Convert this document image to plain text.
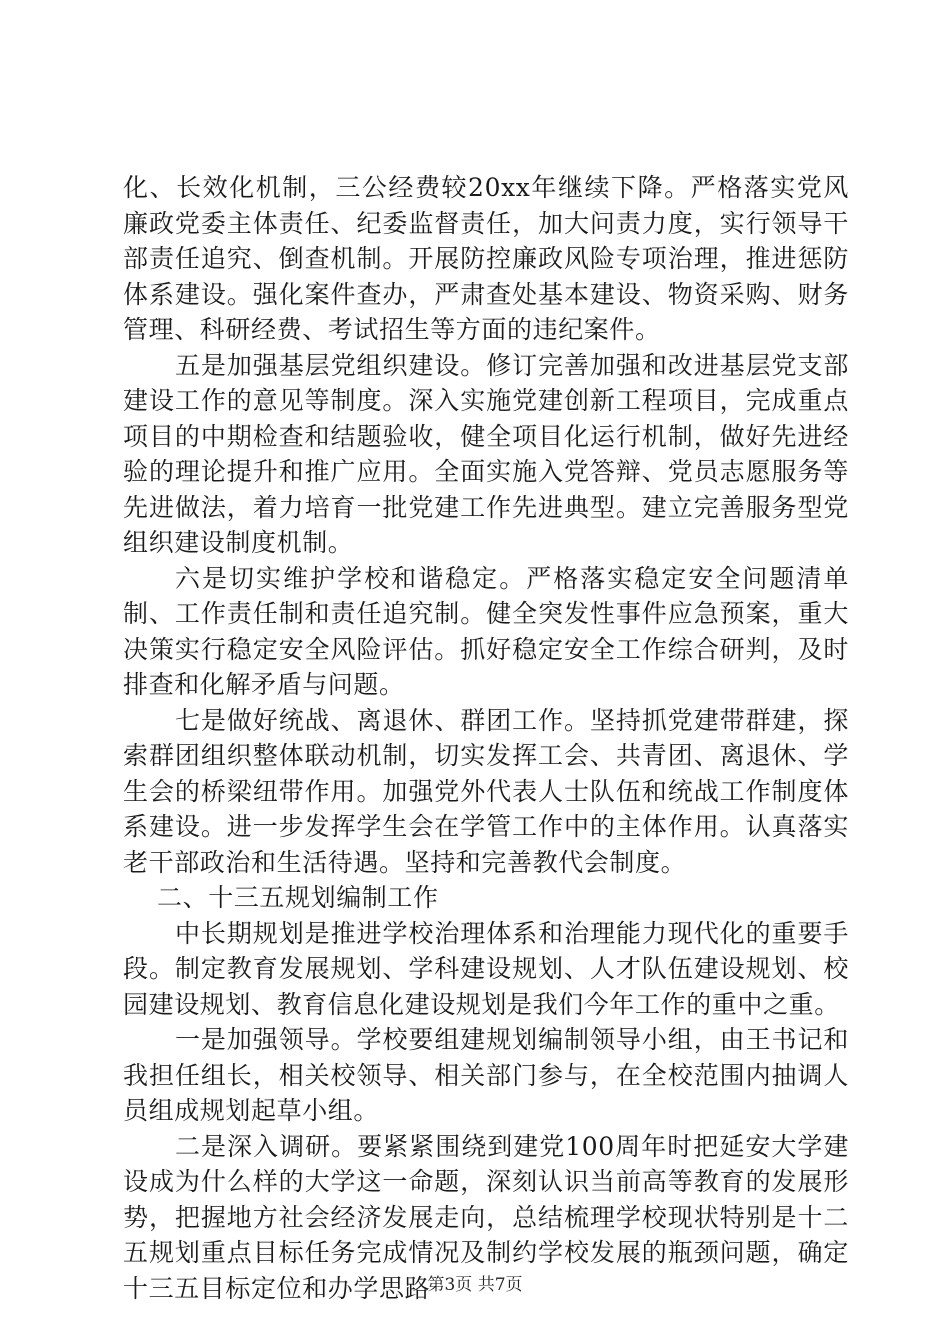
化、长效化机制，三公经费较20xx年继续下降。严格落实党风廉政党委主体责任、纪委监督责任，加大问责力度，实行领导干部责任追究、倒查机制。开展防控廉政风险专项治理，推进惩防体系建设。强化案件查办，严肃查处基本建设、物资采购、财务管理、科研经费、考试招生等方面的违纪案件。

五是加强基层党组织建设。修订完善加强和改进基层党支部建设工作的意见等制度。深入实施党建创新工程项目，完成重点项目的中期检查和结题验收，健全项目化运行机制，做好先进经验的理论提升和推广应用。全面实施入党答辩、党员志愿服务等先进做法，着力培育一批党建工作先进典型。建立完善服务型党组织建设制度机制。

六是切实维护学校和谐稳定。严格落实稳定安全问题清单制、工作责任制和责任追究制。健全突发性事件应急预案，重大决策实行稳定安全风险评估。抓好稳定安全工作综合研判，及时排查和化解矛盾与问题。

七是做好统战、离退休、群团工作。坚持抓党建带群建，探索群团组织整体联动机制，切实发挥工会、共青团、离退休、学生会的桥梁纽带作用。加强党外代表人士队伍和统战工作制度体系建设。进一步发挥学生会在学管工作中的主体作用。认真落实老干部政治和生活待遇。坚持和完善教代会制度。

二、十三五规划编制工作

中长期规划是推进学校治理体系和治理能力现代化的重要手段。制定教育发展规划、学科建设规划、人才队伍建设规划、校园建设规划、教育信息化建设规划是我们今年工作的重中之重。

一是加强领导。学校要组建规划编制领导小组，由王书记和我担任组长，相关校领导、相关部门参与，在全校范围内抽调人员组成规划起草小组。

二是深入调研。要紧紧围绕到建党100周年时把延安大学建设成为什么样的大学这一命题，深刻认识当前高等教育的发展形势，把握地方社会经济发展走向，总结梳理学校现状特别是十二五规划重点目标任务完成情况及制约学校发展的瓶颈问题，确定十三五目标定位和办学思路

第3页 共7页
